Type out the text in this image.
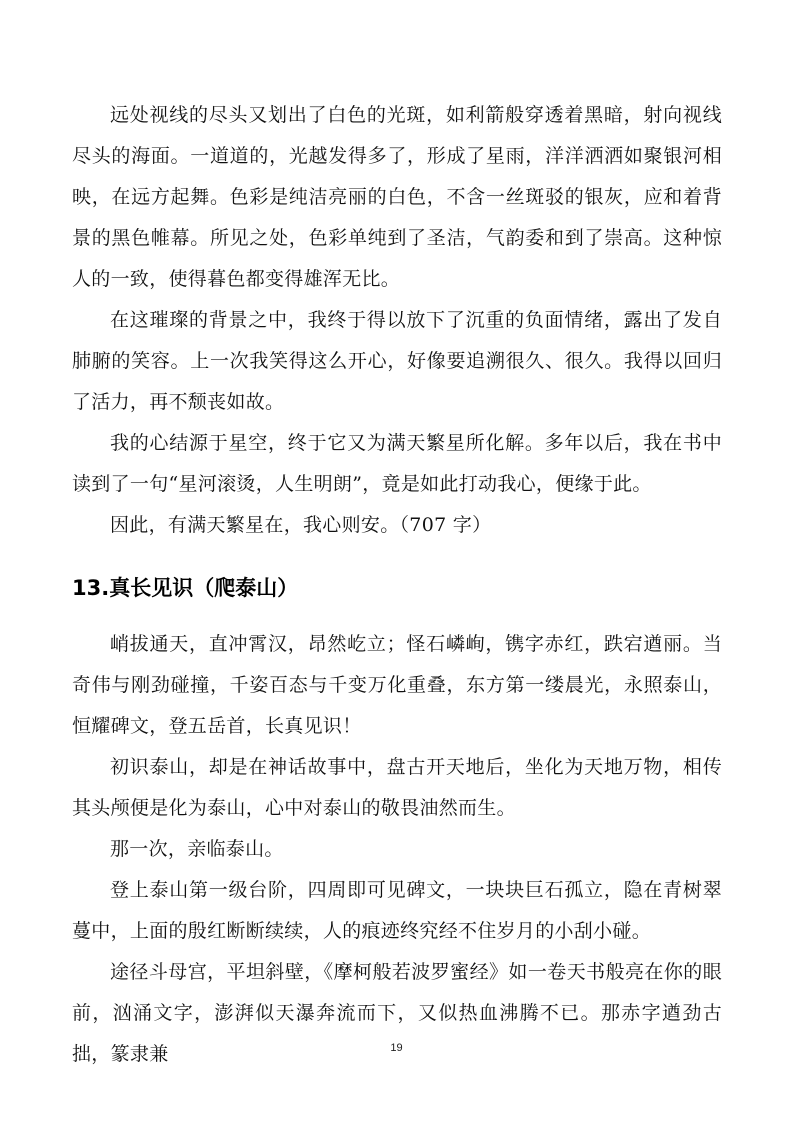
远处视线的尽头又划出了白色的光斑，如利箭般穿透着黑暗，射向视线尽头的海面。一道道的，光越发得多了，形成了星雨，洋洋洒洒如聚银河相映，在远方起舞。色彩是纯洁亮丽的白色，不含一丝斑驳的银灰，应和着背景的黑色帷幕。所见之处，色彩单纯到了圣洁，气韵委和到了崇高。这种惊人的一致，使得暮色都变得雄浑无比。

在这璀璨的背景之中，我终于得以放下了沉重的负面情绪，露出了发自肺腑的笑容。上一次我笑得这么开心，好像要追溯很久、很久。我得以回归了活力，再不颓丧如故。

我的心结源于星空，终于它又为满天繁星所化解。多年以后，我在书中读到了一句“星河滚烫，人生明朗”，竟是如此打动我心，便缘于此。

因此，有满天繁星在，我心则安。（707 字）

13.真长见识（爬泰山）

峭拔通天，直冲霄汉，昂然屹立；怪石嶙峋，镌字赤红，跌宕遒丽。当奇伟与刚劲碰撞，千姿百态与千变万化重叠，东方第一缕晨光，永照泰山，恒耀碑文，登五岳首，长真见识！

初识泰山，却是在神话故事中，盘古开天地后，坐化为天地万物，相传其头颅便是化为泰山，心中对泰山的敬畏油然而生。

那一次，亲临泰山。

登上泰山第一级台阶，四周即可见碑文，一块块巨石孤立，隐在青树翠蔓中，上面的殷红断断续续，人的痕迹终究经不住岁月的小刮小碰。

途径斗母宫，平坦斜壁，《摩柯般若波罗蜜经》如一卷天书般亮在你的眼前，汹涌文字，澎湃似天瀑奔流而下，又似热血沸腾不已。那赤字遒劲古拙，篆隶兼	19
